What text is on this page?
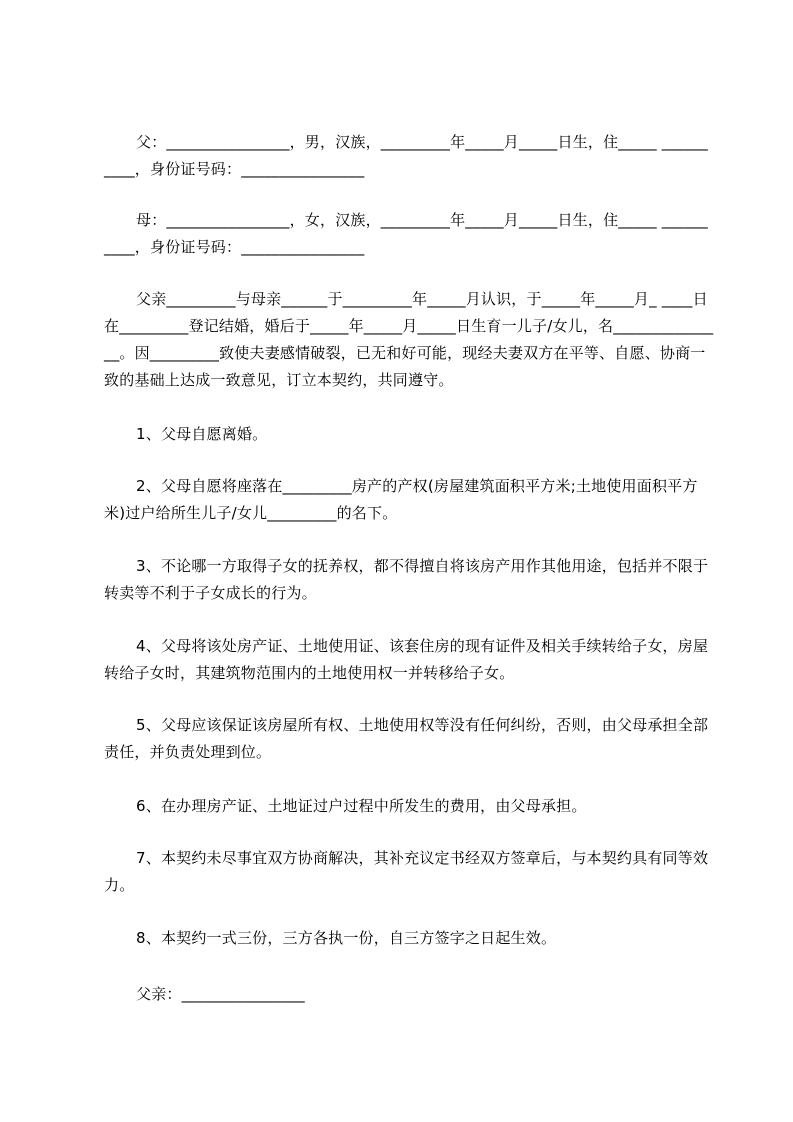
父：________________，男，汉族，_________年_____月_____日生，住_____ __________，身份证号码：________________

母：________________，女，汉族，_________年_____月_____日生，住_____ __________，身份证号码：________________

父亲_________与母亲______于_________年_____月认识，于_____年_____月_ ____日在_________登记结婚，婚后于_____年_____月_____日生育一儿子/女儿，名_______________。因_________致使夫妻感情破裂，已无和好可能，现经夫妻双方在平等、自愿、协商一致的基础上达成一致意见，订立本契约，共同遵守。

1、父母自愿离婚。

2、父母自愿将座落在_________房产的产权(房屋建筑面积平方米;土地使用面积平方米)过户给所生儿子/女儿_________的名下。

3、不论哪一方取得子女的抚养权，都不得擅自将该房产用作其他用途，包括并不限于转卖等不利于子女成长的行为。

4、父母将该处房产证、土地使用证、该套住房的现有证件及相关手续转给子女，房屋转给子女时，其建筑物范围内的土地使用权一并转移给子女。

5、父母应该保证该房屋所有权、土地使用权等没有任何纠纷，否则，由父母承担全部责任，并负责处理到位。

6、在办理房产证、土地证过户过程中所发生的费用，由父母承担。

7、本契约未尽事宜双方协商解决，其补充议定书经双方签章后，与本契约具有同等效力。

8、本契约一式三份，三方各执一份，自三方签字之日起生效。

父亲：________________
